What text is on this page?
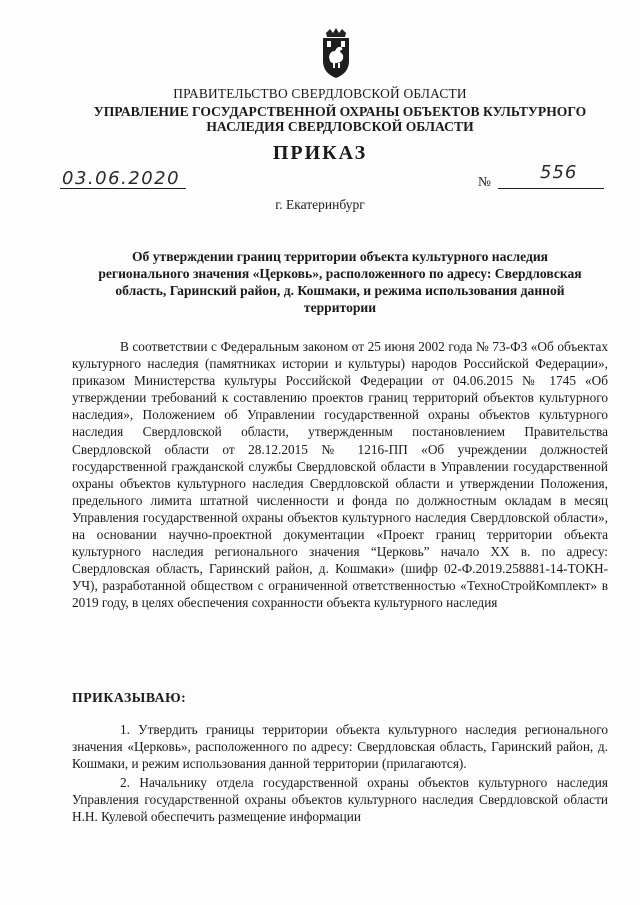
ПРАВИТЕЛЬСТВО СВЕРДЛОВСКОЙ ОБЛАСТИ
УПРАВЛЕНИЕ ГОСУДАРСТВЕННОЙ ОХРАНЫ ОБЪЕКТОВ КУЛЬТУРНОГО НАСЛЕДИЯ СВЕРДЛОВСКОЙ ОБЛАСТИ
ПРИКАЗ
03.06.2020	№	556
г. Екатеринбург
Об утверждении границ территории объекта культурного наследия регионального значения «Церковь», расположенного по адресу: Свердловская область, Гаринский район, д. Кошмаки, и режима использования данной территории

В соответствии с Федеральным законом от 25 июня 2002 года № 73-ФЗ «Об объектах культурного наследия (памятниках истории и культуры) народов Российской Федерации», приказом Министерства культуры Российской Федерации от 04.06.2015 № 1745 «Об утверждении требований к составлению проектов границ территорий объектов культурного наследия», Положением об Управлении государственной охраны объектов культурного наследия Свердловской области, утвержденным постановлением Правительства Свердловской области от 28.12.2015 № 1216-ПП «Об учреждении должностей государственной гражданской службы Свердловской области в Управлении государственной охраны объектов культурного наследия Свердловской области и утверждении Положения, предельного лимита штатной численности и фонда по должностным окладам в месяц Управления государственной охраны объектов культурного наследия Свердловской области», на основании научно-проектной документации «Проект границ территории объекта культурного наследия регионального значения “Церковь” начало XX в. по адресу: Свердловская область, Гаринский район, д. Кошмаки» (шифр 02-Ф.2019.258881-14-ТОКН-УЧ), разработанной обществом с ограниченной ответственностью «ТехноСтройКомплект» в 2019 году, в целях обеспечения сохранности объекта культурного наследия

ПРИКАЗЫВАЮ:

1. Утвердить границы территории объекта культурного наследия регионального значения «Церковь», расположенного по адресу: Свердловская область, Гаринский район, д. Кошмаки, и режим использования данной территории (прилагаются).

2. Начальнику отдела государственной охраны объектов культурного наследия Управления государственной охраны объектов культурного наследия Свердловской области Н.Н. Кулевой обеспечить размещение информации
